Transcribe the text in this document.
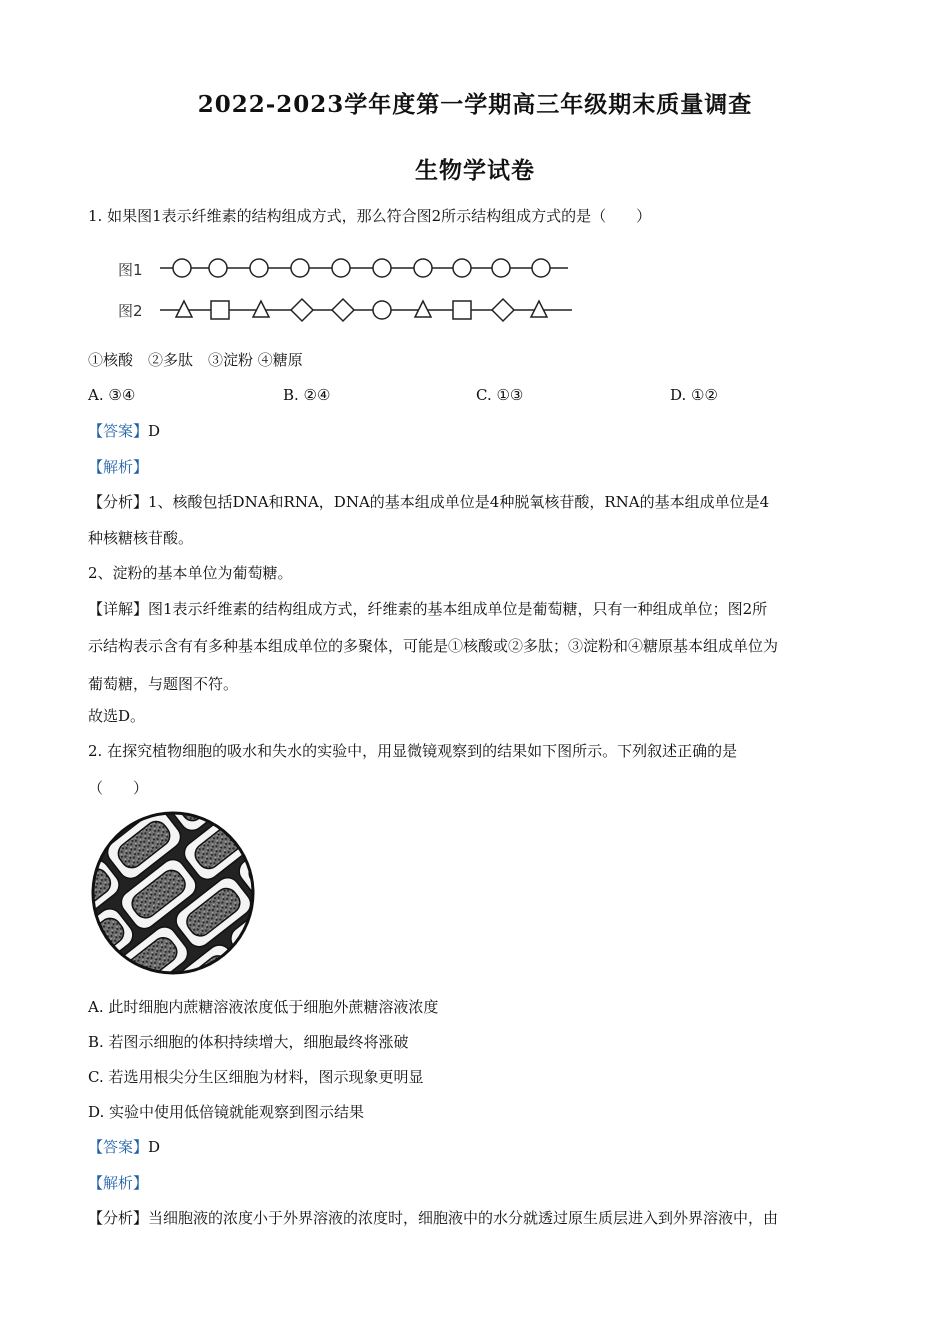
2022-2023学年度第一学期高三年级期末质量调查
生物学试卷
1. 如果图1表示纤维素的结构组成方式，那么符合图2所示结构组成方式的是（　　）
图1
图2
①核酸　②多肽　③淀粉 ④糖原
A. ③④	B. ②④	C. ①③	D. ①②
【答案】D
【解析】
【分析】1、核酸包括DNA和RNA，DNA的基本组成单位是4种脱氧核苷酸，RNA的基本组成单位是4
种核糖核苷酸。
2、淀粉的基本单位为葡萄糖。
【详解】图1表示纤维素的结构组成方式，纤维素的基本组成单位是葡萄糖，只有一种组成单位；图2所
示结构表示含有有多种基本组成单位的多聚体，可能是①核酸或②多肽；③淀粉和④糖原基本组成单位为
葡萄糖，与题图不符。
故选D。
2. 在探究植物细胞的吸水和失水的实验中，用显微镜观察到的结果如下图所示。下列叙述正确的是
（　　）
A. 此时细胞内蔗糖溶液浓度低于细胞外蔗糖溶液浓度
B. 若图示细胞的体积持续增大，细胞最终将涨破
C. 若选用根尖分生区细胞为材料，图示现象更明显
D. 实验中使用低倍镜就能观察到图示结果
【答案】D
【解析】
【分析】当细胞液的浓度小于外界溶液的浓度时，细胞液中的水分就透过原生质层进入到外界溶液中，由
